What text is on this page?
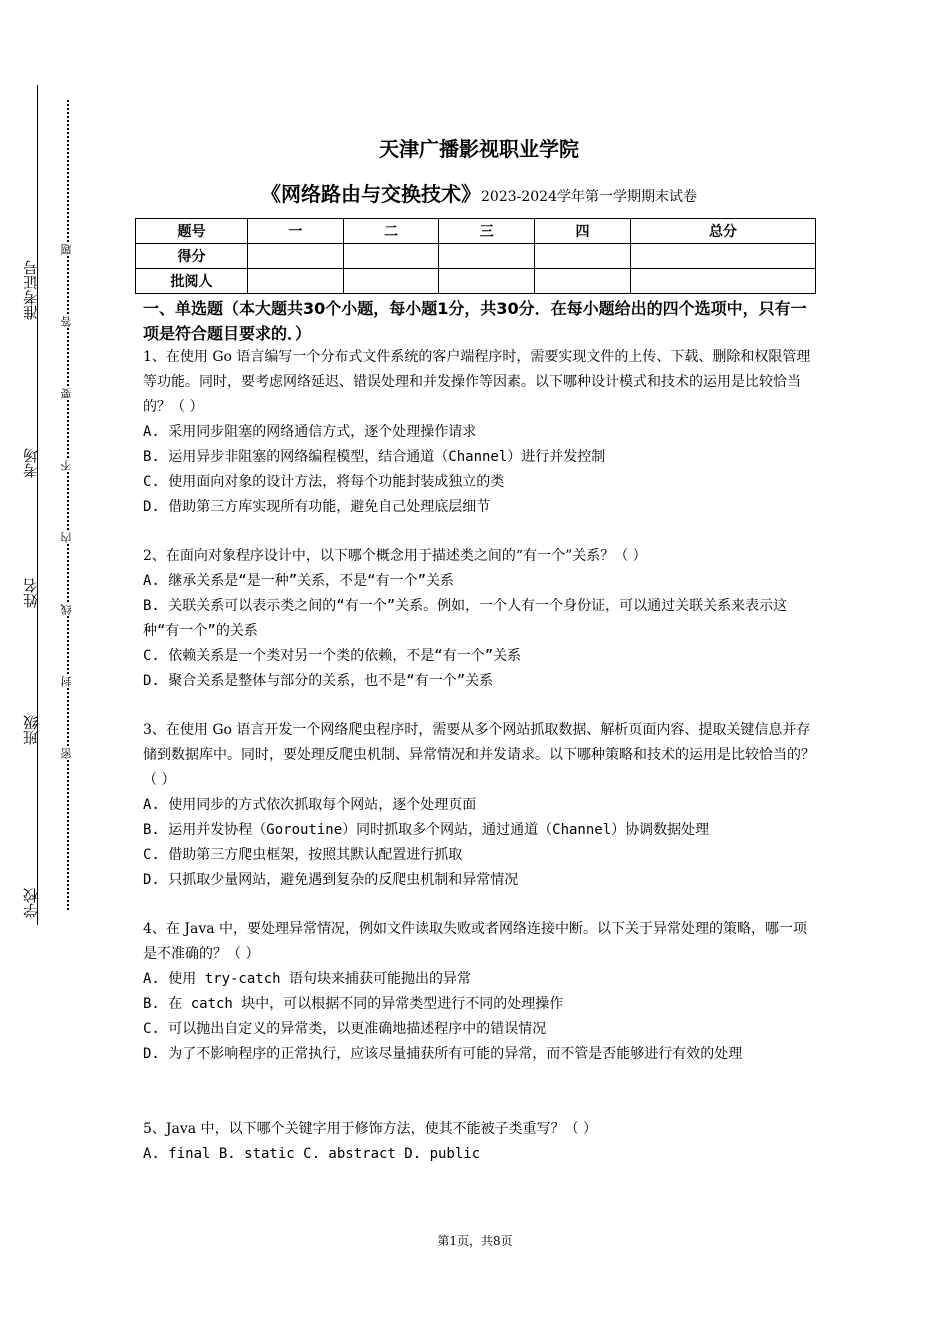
准考证号
考场
姓名
班级
学校
题
答
要
不
内
线
封
密
天津广播影视职业学院
《网络路由与交换技术》2023-2024学年第一学期期末试卷
题号	一	二	三	四	总分
得分					
批阅人					
一、单选题（本大题共30个小题，每小题1分，共30分．在每小题给出的四个选项中，只有一项是符合题目要求的．）
1、在使用 Go 语言编写一个分布式文件系统的客户端程序时，需要实现文件的上传、下载、删除和权限管理等功能。同时，要考虑网络延迟、错误处理和并发操作等因素。以下哪种设计模式和技术的运用是比较恰当的？（ ）
A. 采用同步阻塞的网络通信方式，逐个处理操作请求
B. 运用异步非阻塞的网络编程模型，结合通道（Channel）进行并发控制
C. 使用面向对象的设计方法，将每个功能封装成独立的类
D. 借助第三方库实现所有功能，避免自己处理底层细节
2、在面向对象程序设计中，以下哪个概念用于描述类之间的“有一个”关系？（ ）
A. 继承关系是“是一种”关系，不是“有一个”关系
B. 关联关系可以表示类之间的“有一个”关系。例如，一个人有一个身份证，可以通过关联关系来表示这种“有一个”的关系
C. 依赖关系是一个类对另一个类的依赖，不是“有一个”关系
D. 聚合关系是整体与部分的关系，也不是“有一个”关系
3、在使用 Go 语言开发一个网络爬虫程序时，需要从多个网站抓取数据、解析页面内容、提取关键信息并存储到数据库中。同时，要处理反爬虫机制、异常情况和并发请求。以下哪种策略和技术的运用是比较恰当的？（ ）
A. 使用同步的方式依次抓取每个网站，逐个处理页面
B. 运用并发协程（Goroutine）同时抓取多个网站，通过通道（Channel）协调数据处理
C. 借助第三方爬虫框架，按照其默认配置进行抓取
D. 只抓取少量网站，避免遇到复杂的反爬虫机制和异常情况
4、在 Java 中，要处理异常情况，例如文件读取失败或者网络连接中断。以下关于异常处理的策略，哪一项是不准确的？（ ）
A. 使用 try-catch 语句块来捕获可能抛出的异常
B. 在 catch 块中，可以根据不同的异常类型进行不同的处理操作
C. 可以抛出自定义的异常类，以更准确地描述程序中的错误情况
D. 为了不影响程序的正常执行，应该尽量捕获所有可能的异常，而不管是否能够进行有效的处理
5、Java 中，以下哪个关键字用于修饰方法，使其不能被子类重写？（ ）
A. final B. static C. abstract D. public
第1页，共8页
